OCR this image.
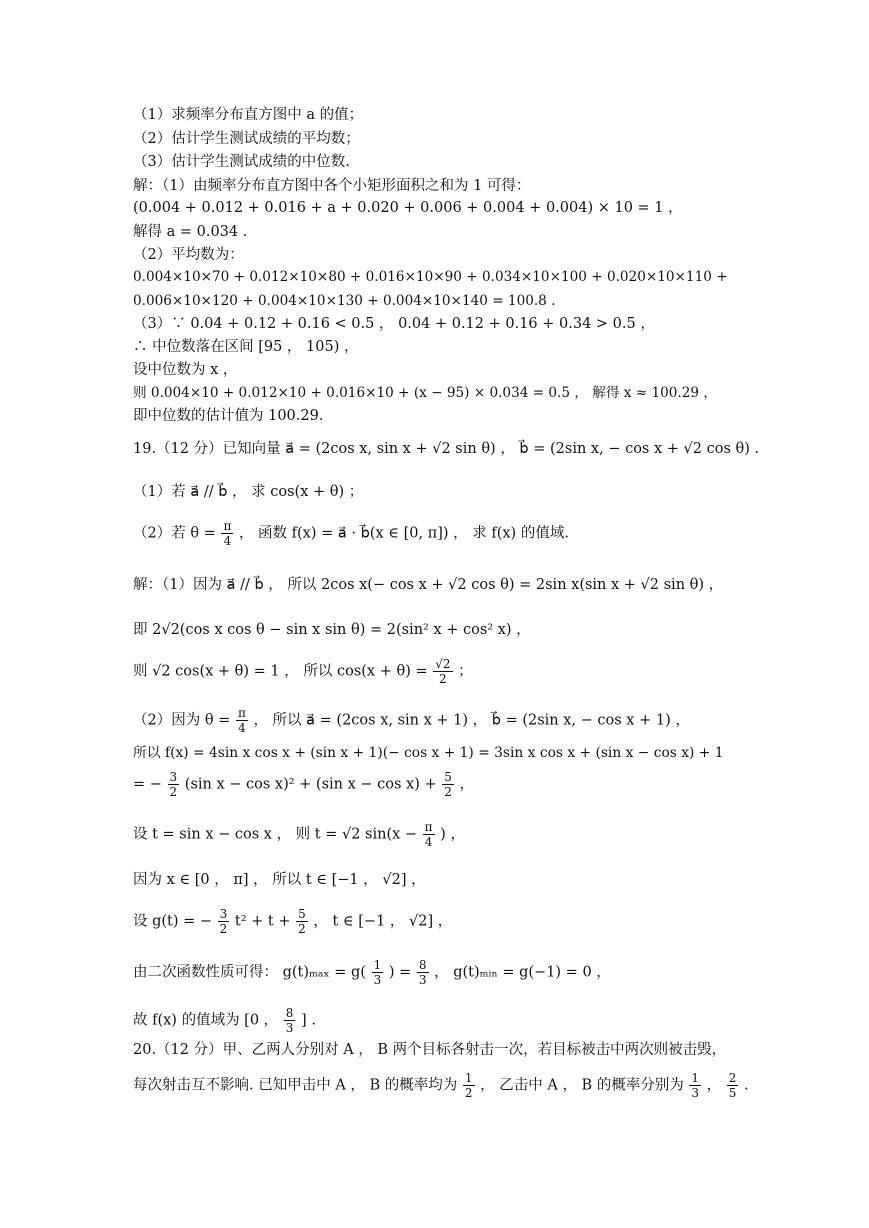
（1）求频率分布直方图中 a 的值；
（2）估计学生测试成绩的平均数；
（3）估计学生测试成绩的中位数.
解：（1）由频率分布直方图中各个小矩形面积之和为 1 可得：
(0.004 + 0.012 + 0.016 + a + 0.020 + 0.006 + 0.004 + 0.004) × 10 = 1 ，
解得 a = 0.034 .
（2）平均数为：
0.004×10×70 + 0.012×10×80 + 0.016×10×90 + 0.034×10×100 + 0.020×10×110 +
0.006×10×120 + 0.004×10×130 + 0.004×10×140 = 100.8 .
（3）∵ 0.04 + 0.12 + 0.16 < 0.5 ， 0.04 + 0.12 + 0.16 + 0.34 > 0.5 ，
∴ 中位数落在区间 [95 ， 105) ，
设中位数为 x ，
则 0.004×10 + 0.012×10 + 0.016×10 + (x − 95) × 0.034 = 0.5 ， 解得 x ≈ 100.29 ，
即中位数的估计值为 100.29.
19.（12 分）已知向量 a⃗ = (2cos x, sin x + √2 sin θ) ， b⃗ = (2sin x, − cos x + √2 cos θ) .
（1）若 a⃗ // b⃗ ， 求 cos(x + θ) ；
（2）若 $\theta = \frac{\pi}{4}$ ， 函数 f(x) = a⃗ · b⃗(x ∈ [0, π]) ， 求 f(x) 的值域.
解：（1）因为 a⃗ // b⃗ ， 所以 2cos x(− cos x + √2 cos θ) = 2sin x(sin x + √2 sin θ) ，
即 2√2(cos x cos θ − sin x sin θ) = 2(sin² x + cos² x) ，
则 √2 cos(x + θ) = 1 ， 所以 $\cos(x + \theta) = \frac{√2}{2}$ ；
（2）因为 $\theta = \frac{\pi}{4}$ ， 所以 a⃗ = (2cos x, sin x + 1) ， b⃗ = (2sin x, − cos x + 1) ，
所以 f(x) = 4sin x cos x + (sin x + 1)(− cos x + 1) = 3sin x cos x + (sin x − cos x) + 1
= − $\frac{3}{2} (\sin$ x − cos x)² + (sin $x - \cos x) + \frac{5}{2}$ ，
设 t = sin x − cos x ， 则 t = √2 $\sin(x - \frac{\pi}{4}$ ) ，
因为 x ∈ [0 ， π] ， 所以 t ∈ [−1 ， √2] ，
设 g(t) = − $\frac{3}{2} t^2 + t + \frac{5}{2}$ ， t ∈ [−1 ， √2] ，
由二次函数性质可得： $g(t)_{max} = g( \frac{1}{3}$ ) = $\frac{8}{3}$ ， g(t)ₘᵢₙ = g(−1) = 0 ，
故 f(x) 的值域为 [0 ， $\frac{8}{3}$ ] .
20.（12 分）甲、乙两人分别对 A ， B 两个目标各射击一次，若目标被击中两次则被击毁，
每次射击互不影响. 已知甲击中 A ， B 的概率均为 $\frac{1}{2}$ ， 乙击中 A ， B 的概率分别为 $\frac{1}{3}$ ， $\frac{2}{5}$ .
